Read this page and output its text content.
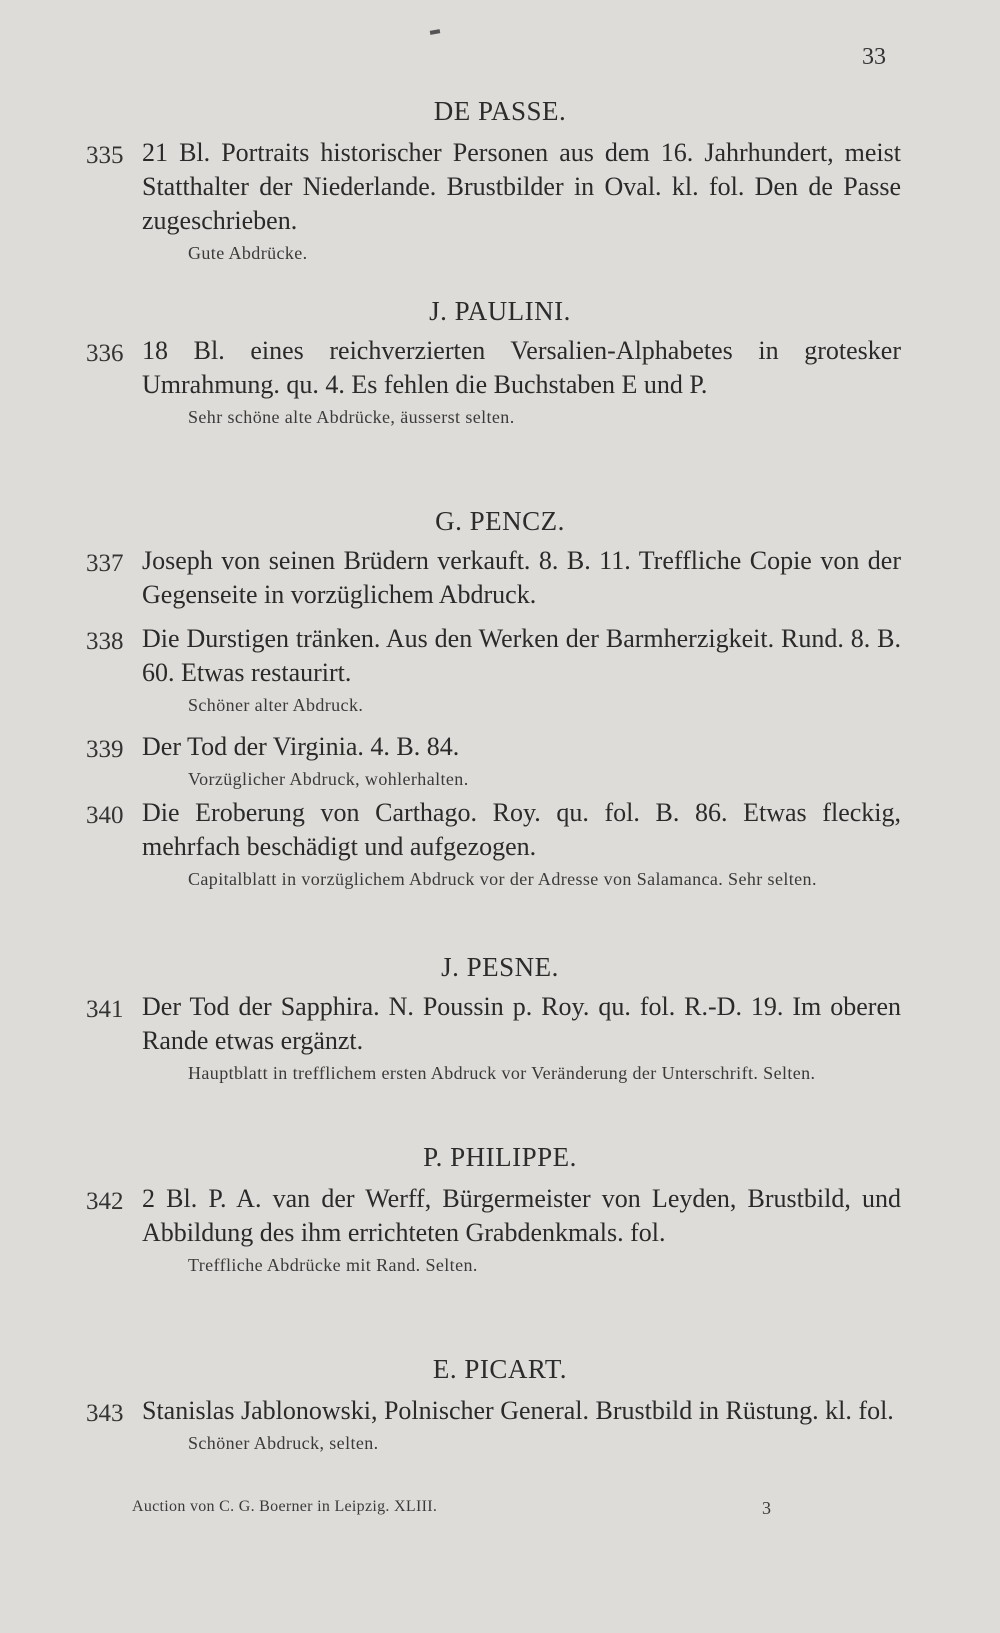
33
DE PASSE.
335 21 Bl. Portraits historischer Personen aus dem 16. Jahrhundert, meist Statthalter der Niederlande. Brustbilder in Oval. kl. fol. Den de Passe zugeschrieben.
Gute Abdrücke.
J. PAULINI.
336 18 Bl. eines reichverzierten Versalien-Alphabetes in grotesker Umrahmung. qu. 4. Es fehlen die Buchstaben E und P.
Sehr schöne alte Abdrücke, äusserst selten.
G. PENCZ.
337 Joseph von seinen Brüdern verkauft. 8. B. 11. Treffliche Copie von der Gegenseite in vorzüglichem Abdruck.
338 Die Durstigen tränken. Aus den Werken der Barmherzigkeit. Rund. 8. B. 60. Etwas restaurirt.
Schöner alter Abdruck.
339 Der Tod der Virginia. 4. B. 84.
Vorzüglicher Abdruck, wohlerhalten.
340 Die Eroberung von Carthago. Roy. qu. fol. B. 86. Etwas fleckig, mehrfach beschädigt und aufgezogen.
Capitalblatt in vorzüglichem Abdruck vor der Adresse von Salamanca. Sehr selten.
J. PESNE.
341 Der Tod der Sapphira. N. Poussin p. Roy. qu. fol. R.-D. 19. Im oberen Rande etwas ergänzt.
Hauptblatt in trefflichem ersten Abdruck vor Veränderung der Unterschrift. Selten.
P. PHILIPPE.
342 2 Bl. P. A. van der Werff, Bürgermeister von Leyden, Brustbild, und Abbildung des ihm errichteten Grabdenkmals. fol.
Treffliche Abdrücke mit Rand. Selten.
E. PICART.
343 Stanislas Jablonowski, Polnischer General. Brustbild in Rüstung. kl. fol.
Schöner Abdruck, selten.
Auction von C. G. Boerner in Leipzig. XLIII.	3
